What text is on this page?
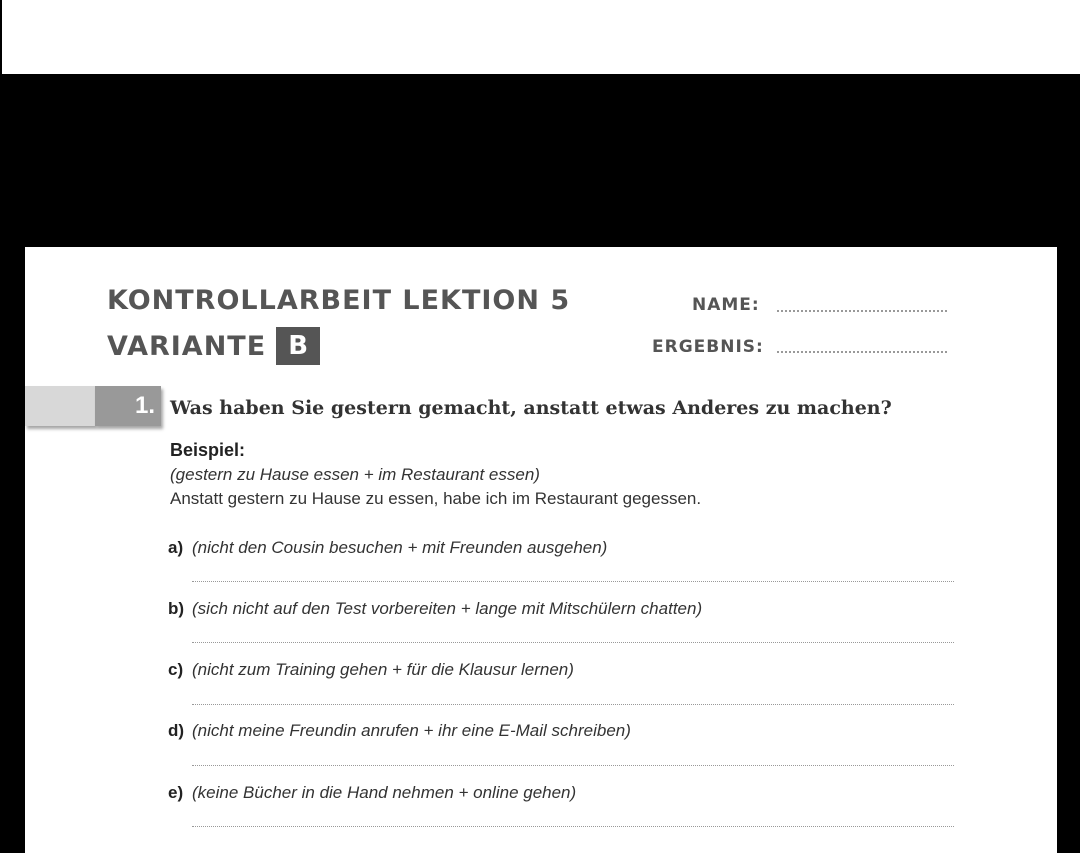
KONTROLLARBEIT LEKTION 5
VARIANTE B
NAME:
ERGEBNIS:
1. Was haben Sie gestern gemacht, anstatt etwas Anderes zu machen?
Beispiel:
(gestern zu Hause essen + im Restaurant essen)
Anstatt gestern zu Hause zu essen, habe ich im Restaurant gegessen.
a) (nicht den Cousin besuchen + mit Freunden ausgehen)
b) (sich nicht auf den Test vorbereiten + lange mit Mitschülern chatten)
c) (nicht zum Training gehen + für die Klausur lernen)
d) (nicht meine Freundin anrufen + ihr eine E-Mail schreiben)
e) (keine Bücher in die Hand nehmen + online gehen)
